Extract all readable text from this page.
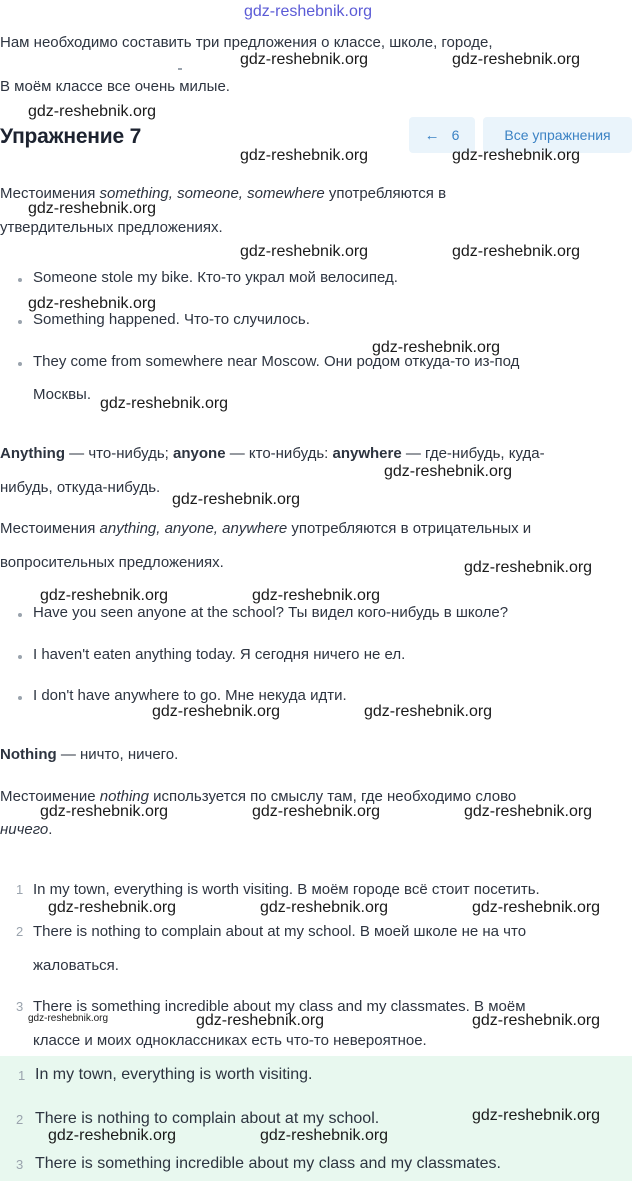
gdz-reshebnik.org
Нам необходимо составить три предложения о классе, школе, городе,
В моём классе все очень милые.
Упражнение 7	← 6	Все упражнения
Местоимения something, someone, somewhere употребляются в
утвердительных предложениях.
Someone stole my bike. Кто-то украл мой велосипед.
Something happened. Что-то случилось.
They come from somewhere near Moscow. Они родом откуда-то из-под
Москвы.
Anything — что-нибудь; anyone — кто-нибудь: anywhere — где-нибудь, куда-
нибудь, откуда-нибудь.
Местоимения anything, anyone, anywhere употребляются в отрицательных и
вопросительных предложениях.
Have you seen anyone at the school? Ты видел кого-нибудь в школе?
I haven't eaten anything today. Я сегодня ничего не ел.
I don't have anywhere to go. Мне некуда идти.
Nothing — ничто, ничего.
Местоимение nothing используется по смыслу там, где необходимо слово
ничего.
1 In my town, everything is worth visiting. В моём городе всё стоит посетить.
2 There is nothing to complain about at my school. В моей школе не на что
жаловаться.
3 There is something incredible about my class and my classmates. В моём
классе и моих одноклассниках есть что-то невероятное.
1 In my town, everything is worth visiting.
2 There is nothing to complain about at my school.
3 There is something incredible about my class and my classmates.
gdz-reshebnik.org	gdz-reshebnik.org
gdz-reshebnik.org
gdz-reshebnik.org	gdz-reshebnik.org
gdz-reshebnik.org
gdz-reshebnik.org	gdz-reshebnik.org
gdz-reshebnik.org
gdz-reshebnik.org
gdz-reshebnik.org
gdz-reshebnik.org
gdz-reshebnik.org
gdz-reshebnik.org
gdz-reshebnik.org	gdz-reshebnik.org
gdz-reshebnik.org	gdz-reshebnik.org
gdz-reshebnik.org	gdz-reshebnik.org	gdz-reshebnik.org
gdz-reshebnik.org	gdz-reshebnik.org	gdz-reshebnik.org
gdz-reshebnik.org	gdz-reshebnik.org	gdz-reshebnik.org
gdz-reshebnik.org
gdz-reshebnik.org	gdz-reshebnik.org
